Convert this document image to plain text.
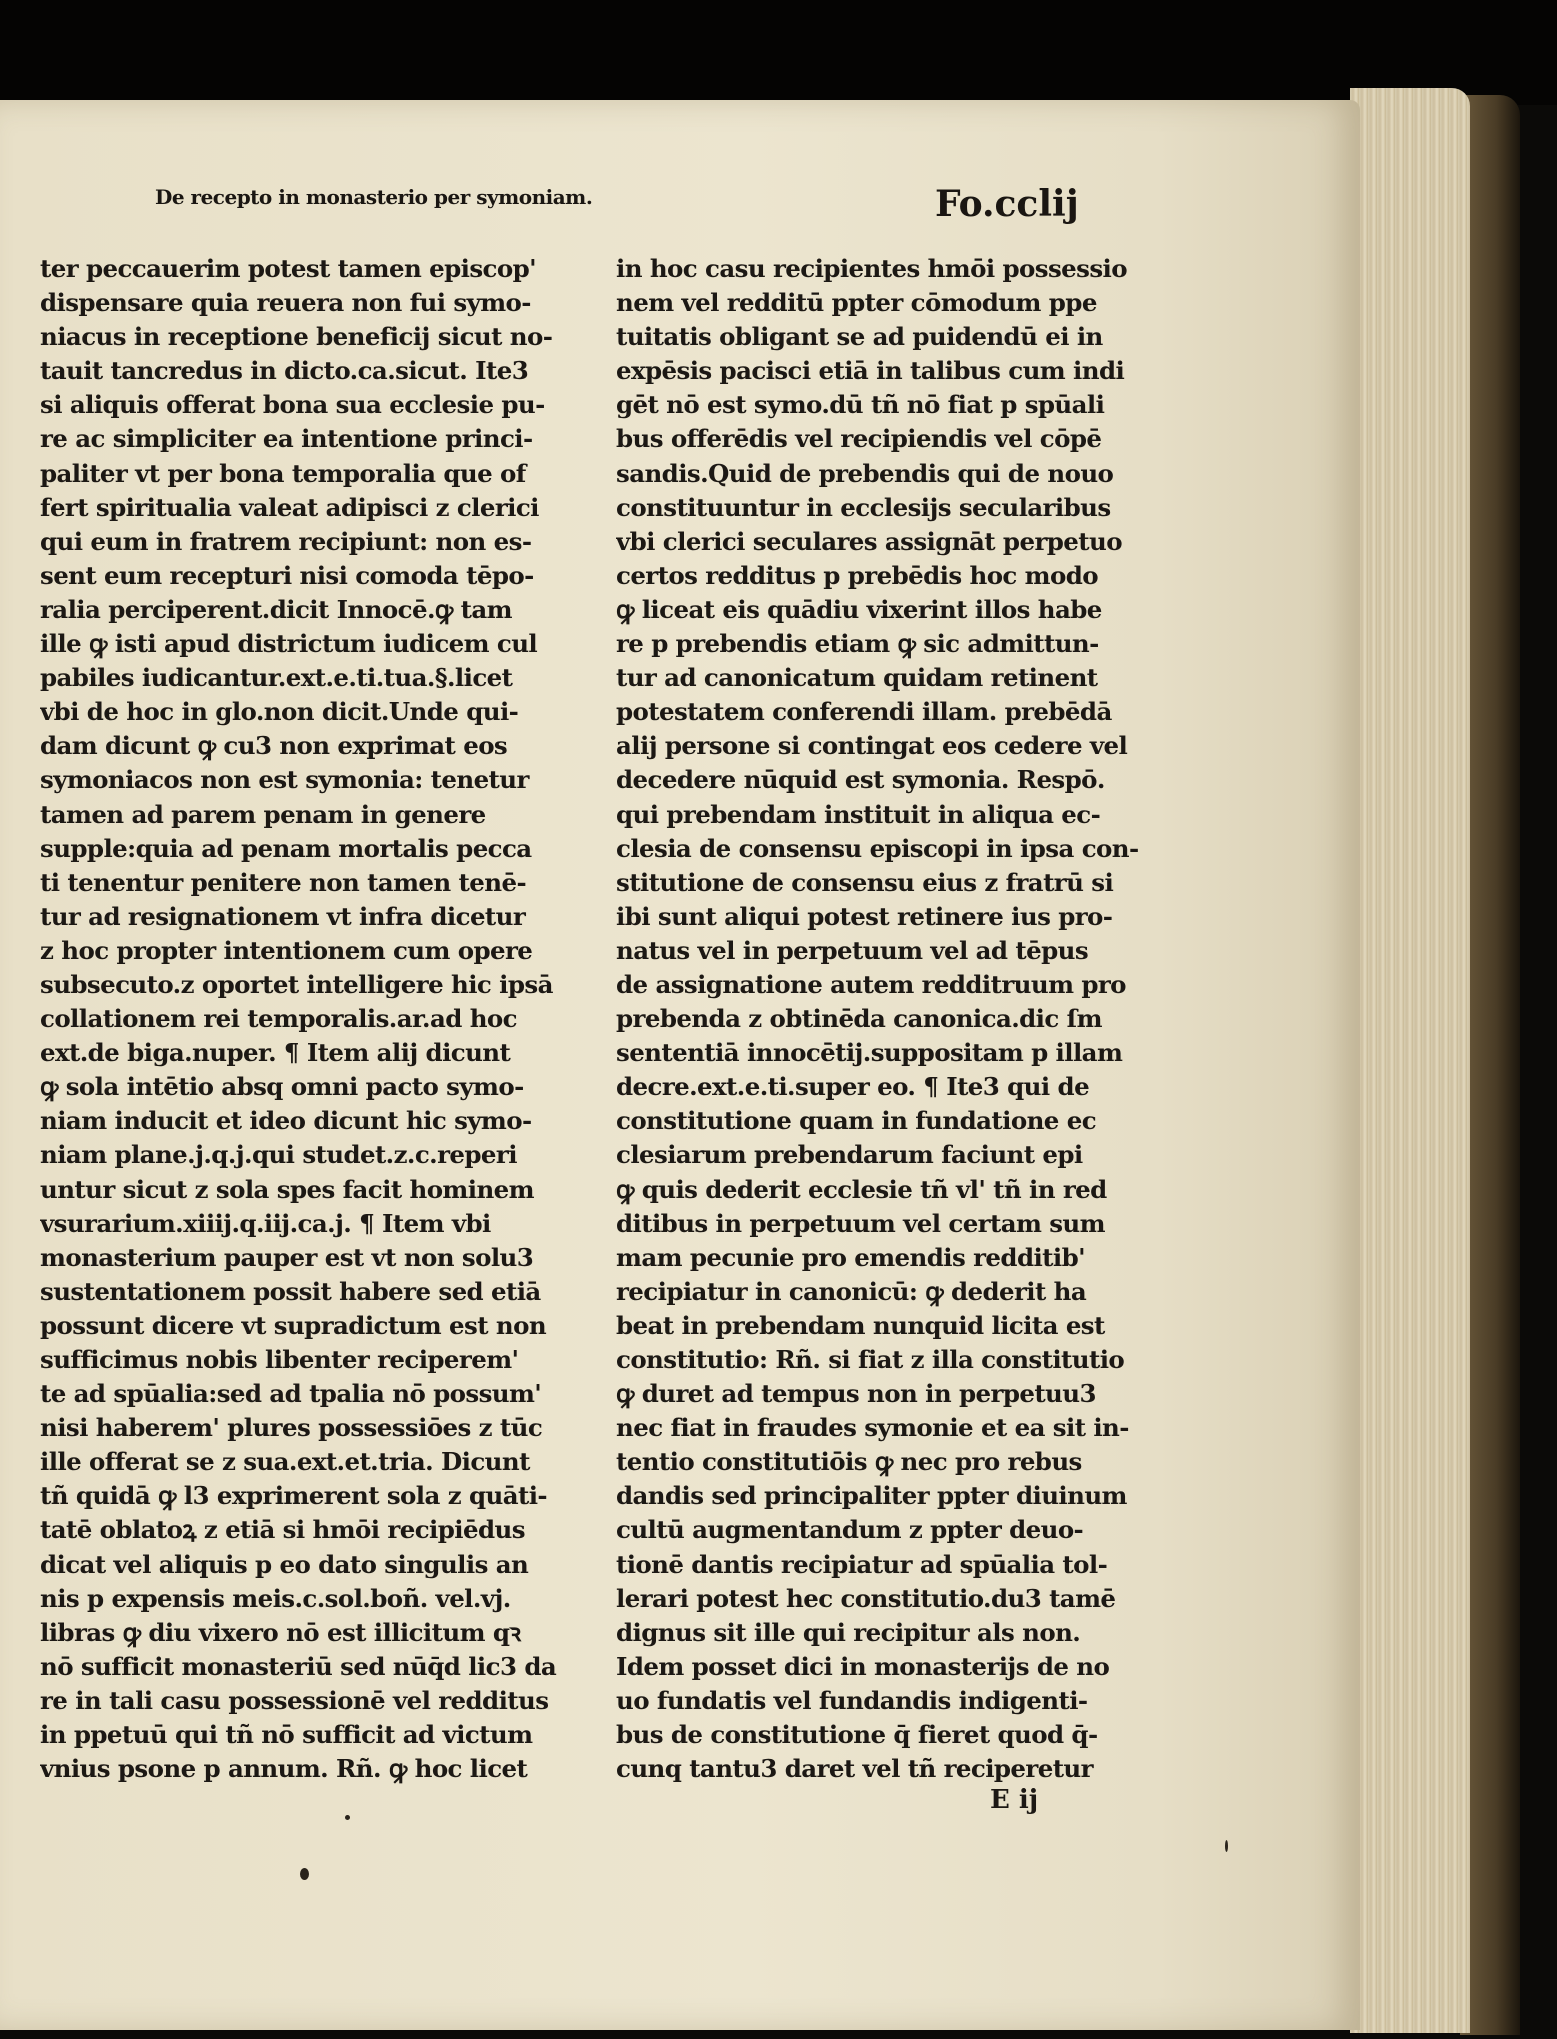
De recepto in monasterio per symoniam.	Fo.cclij
ter peccauerim potest tamen episcop'
dispensare quia reuera non fui symo-
niacus in receptione beneficij sicut no-
tauit tancredus in dicto.ca.sicut. Ite3
si aliquis offerat bona sua ecclesie pu-
re ac simpliciter ea intentione princi-
paliter vt per bona temporalia que of
fert spiritualia valeat adipisci z clerici
qui eum in fratrem recipiunt: non es-
sent eum recepturi nisi comoda tēpo-
ralia perciperent.dicit Innocē.ꝙ tam
ille ꝙ isti apud districtum iudicem cul
pabiles iudicantur.ext.e.ti.tua.§.licet
vbi de hoc in glo.non dicit.Unde qui-
dam dicunt ꝙ cu3 non exprimat eos
symoniacos non est symonia: tenetur
tamen ad parem penam in genere
supple:quia ad penam mortalis pecca
ti tenentur penitere non tamen tenē-
tur ad resignationem vt infra dicetur
z hoc propter intentionem cum opere
subsecuto.z oportet intelligere hic ipsā
collationem rei temporalis.ar.ad hoc
ext.de biga.nuper. ¶ Item alij dicunt
ꝙ sola intētio absq omni pacto symo-
niam inducit et ideo dicunt hic symo-
niam plane.j.q.j.qui studet.z.c.reperi
untur sicut z sola spes facit hominem
vsurarium.xiiij.q.iij.ca.j. ¶ Item vbi
monasterium pauper est vt non solu3
sustentationem possit habere sed etiā
possunt dicere vt supradictum est non
sufficimus nobis libenter reciperem'
te ad spūalia:sed ad tpalia nō possum'
nisi haberem' plures possessiōes z tūc
ille offerat se z sua.ext.et.tria. Dicunt
tñ quidā ꝙ l3 exprimerent sola z quāti-
tatē oblatoꝝ z etiā si hmōi recipiēdus
dicat vel aliquis p eo dato singulis an
nis p expensis meis.c.sol.boñ. vel.vj.
libras ꝙ diu vixero nō est illicitum qꝛ
nō sufficit monasteriū sed nūq̄d lic3 da
re in tali casu possessionē vel redditus
in ppetuū qui tñ nō sufficit ad victum
vnius psone p annum. Rñ. ꝙ hoc licet
in hoc casu recipientes hmōi possessio
nem vel redditū ppter cōmodum ppe
tuitatis obligant se ad puidendū ei in
expēsis pacisci etiā in talibus cum indi
gēt nō est symo.dū tñ nō fiat p spūali
bus offerēdis vel recipiendis vel cōpē
sandis.Quid de prebendis qui de nouo
constituuntur in ecclesijs secularibus
vbi clerici seculares assignāt perpetuo
certos redditus p prebēdis hoc modo
ꝙ liceat eis quādiu vixerint illos habe
re p prebendis etiam ꝙ sic admittun-
tur ad canonicatum quidam retinent
potestatem conferendi illam. prebēdā
alij persone si contingat eos cedere vel
decedere nūquid est symonia. Respō.
qui prebendam instituit in aliqua ec-
clesia de consensu episcopi in ipsa con-
stitutione de consensu eius z fratrū si
ibi sunt aliqui potest retinere ius pro-
natus vel in perpetuum vel ad tēpus
de assignatione autem redditruum pro
prebenda z obtinēda canonica.dic ſm
sententiā innocētij.suppositam p illam
decre.ext.e.ti.super eo. ¶ Ite3 qui de
constitutione quam in fundatione ec
clesiarum prebendarum faciunt epi
ꝙ quis dederit ecclesie tñ vl' tñ in red
ditibus in perpetuum vel certam sum
mam pecunie pro emendis redditib'
recipiatur in canonicū: ꝙ dederit ha
beat in prebendam nunquid licita est
constitutio: Rñ. si fiat z illa constitutio
ꝙ duret ad tempus non in perpetuu3
nec fiat in fraudes symonie et ea sit in-
tentio constitutiōis ꝙ nec pro rebus
dandis sed principaliter ppter diuinum
cultū augmentandum z ppter deuo-
tionē dantis recipiatur ad spūalia tol-
lerari potest hec constitutio.du3 tamē
dignus sit ille qui recipitur als non.
Idem posset dici in monasterijs de no
uo fundatis vel fundandis indigenti-
bus de constitutione q̄ fieret quod q̄-
cunq tantu3 daret vel tñ reciperetur
E ij
